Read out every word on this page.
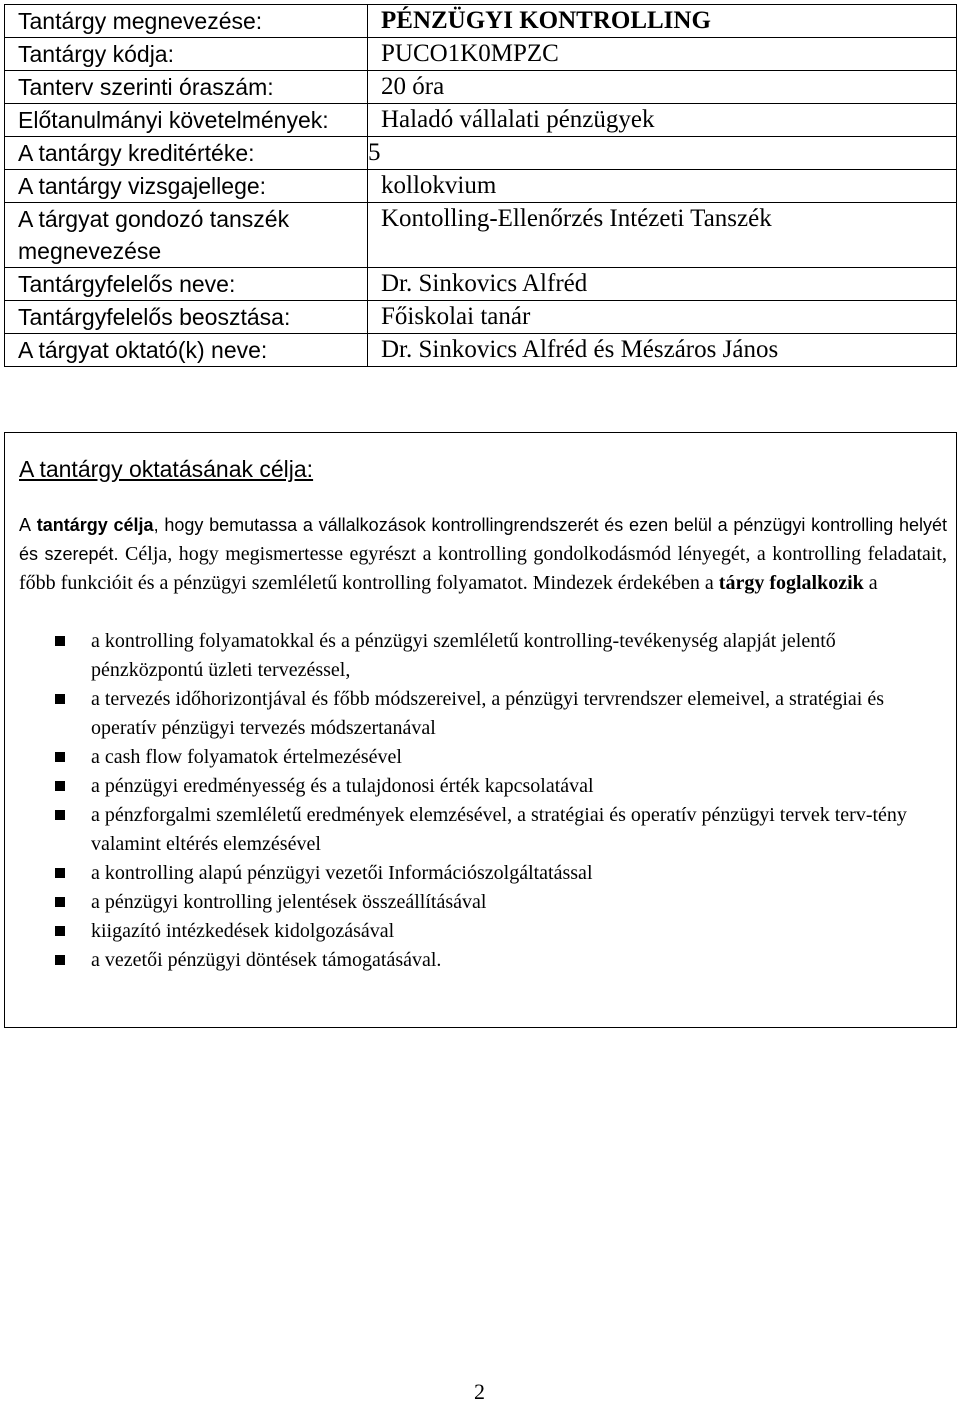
Tantárgy megnevezése:	PÉNZÜGYI KONTROLLING
Tantárgy kódja:	PUCO1K0MPZC
Tanterv szerinti óraszám:	20 óra
Előtanulmányi követelmények:	Haladó vállalati pénzügyek
A tantárgy kreditértéke:	5
A tantárgy vizsgajellege:	kollokvium
A tárgyat gondozó tanszék megnevezése	Kontolling-Ellenőrzés Intézeti Tanszék
Tantárgyfelelős neve:	Dr. Sinkovics Alfréd
Tantárgyfelelős beosztása:	Főiskolai tanár
A tárgyat oktató(k) neve:	Dr. Sinkovics Alfréd és Mészáros János
A tantárgy oktatásának célja:

A tantárgy célja, hogy bemutassa a vállalkozások kontrollingrendszerét és ezen belül a pénzügyi kontrolling helyét és szerepét. Célja, hogy megismertesse egyrészt a kontrolling gondolkodásmód lényegét, a kontrolling feladatait, főbb funkcióit és a pénzügyi szemléletű kontrolling folyamatot. Mindezek érdekében a tárgy foglalkozik a

a kontrolling folyamatokkal és a pénzügyi szemléletű kontrolling-tevékenység alapját jelentő pénzközpontú üzleti tervezéssel,
a tervezés időhorizontjával és főbb módszereivel, a pénzügyi tervrendszer elemeivel, a stratégiai és operatív pénzügyi tervezés módszertanával
a cash flow folyamatok értelmezésével
a pénzügyi eredményesség és a tulajdonosi érték kapcsolatával
a pénzforgalmi szemléletű eredmények elemzésével, a stratégiai és operatív pénzügyi tervek terv-tény valamint eltérés elemzésével
a kontrolling alapú pénzügyi vezetői Információszolgáltatással
a pénzügyi kontrolling jelentések összeállításával
kiigazító intézkedések kidolgozásával
a vezetői pénzügyi döntések támogatásával.
2
